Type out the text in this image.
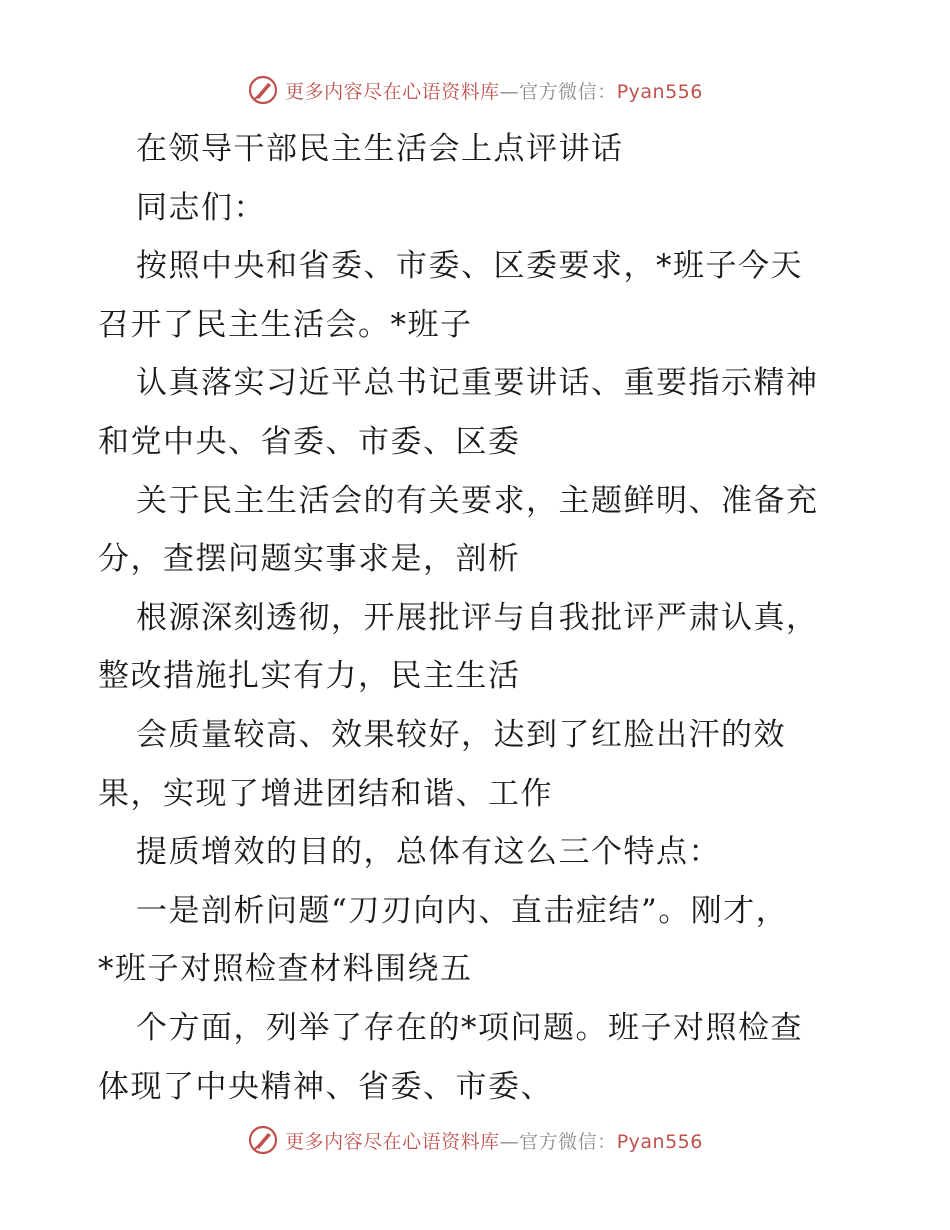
更多内容尽在心语资料库—官方微信：Pyan556
在领导干部民主生活会上点评讲话
同志们：
按照中央和省委、市委、区委要求，*班子今天
召开了民主生活会。*班子
认真落实习近平总书记重要讲话、重要指示精神
和党中央、省委、市委、区委
关于民主生活会的有关要求，主题鲜明、准备充
分，查摆问题实事求是，剖析
根源深刻透彻，开展批评与自我批评严肃认真，
整改措施扎实有力，民主生活
会质量较高、效果较好，达到了红脸出汗的效
果，实现了增进团结和谐、工作
提质增效的目的，总体有这么三个特点：
一是剖析问题“刀刃向内、直击症结”。刚才，
*班子对照检查材料围绕五
个方面，列举了存在的*项问题。班子对照检查
体现了中央精神、省委、市委、
更多内容尽在心语资料库—官方微信：Pyan556
